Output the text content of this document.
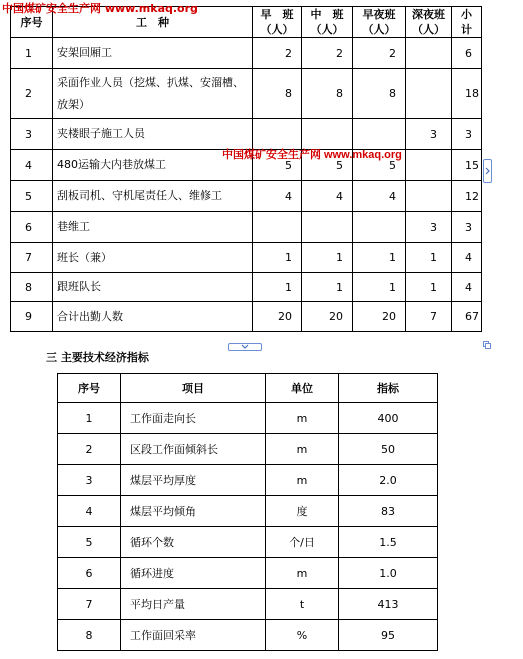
中国煤矿安全生产网 www.mkaq.org
中国煤矿安全生产网 www.mkaq.org
序号	工　种	早　班（人）	中　班（人）	早夜班（人）	深夜班（人）	小　计
1	安架回厢工	2	2	2		6
2	采面作业人员（挖煤、扒煤、安溜槽、放架）	8	8	8		18
3	夹楼眼子施工人员				3	3
4	480运输大内巷放煤工	5	5	5		15
5	刮板司机、守机尾责任人、维修工	4	4	4		12
6	巷维工				3	3
7	班长（兼）	1	1	1	1	4
8	跟班队长	1	1	1	1	4
9	合计出勤人数	20	20	20	7	67
三 主要技术经济指标
序号	项目	单位	指标
1	工作面走向长	m	400
2	区段工作面倾斜长	m	50
3	煤层平均厚度	m	2.0
4	煤层平均倾角	度	83
5	循环个数	个/日	1.5
6	循环进度	m	1.0
7	平均日产量	t	413
8	工作面回采率	%	95
